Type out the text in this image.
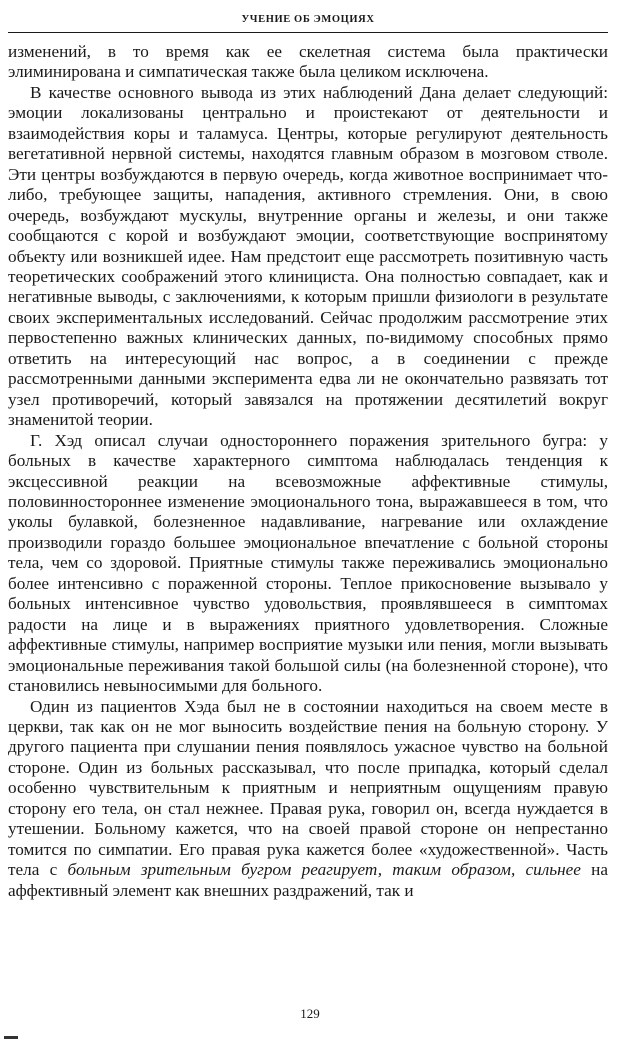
УЧЕНИЕ ОБ ЭМОЦИЯХ

изменений, в то время как ее скелетная система была практически элиминирована и симпатическая также была целиком исключена.

В качестве основного вывода из этих наблюдений Дана делает следующий: эмоции локализованы центрально и проистекают от деятельности и взаимодействия коры и таламуса. Центры, которые регулируют деятельность вегетативной нервной системы, находятся главным образом в мозговом стволе. Эти центры возбуждаются в первую очередь, когда животное воспринимает что-либо, требующее защиты, нападения, активного стремления. Они, в свою очередь, возбуждают мускулы, внутренние органы и железы, и они также сообщаются с корой и возбуждают эмоции, соответствующие воспринятому объекту или возникшей идее. Нам предстоит еще рассмотреть позитивную часть теоретических соображений этого клинициста. Она полностью совпадает, как и негативные выводы, с заключениями, к которым пришли физиологи в результате своих экспериментальных исследований. Сейчас продолжим рассмотрение этих первостепенно важных клинических данных, по-видимому способных прямо ответить на интересующий нас вопрос, а в соединении с прежде рассмотренными данными эксперимента едва ли не окончательно развязать тот узел противоречий, который завязался на протяжении десятилетий вокруг знаменитой теории.

Г. Хэд описал случаи одностороннего поражения зрительного бугра: у больных в качестве характерного симптома наблюдалась тенденция к эксцессивной реакции на всевозможные аффективные стимулы, половинностороннее изменение эмоционального тона, выражавшееся в том, что уколы булавкой, болезненное надавливание, нагревание или охлаждение производили гораздо большее эмоциональное впечатление с больной стороны тела, чем со здоровой. Приятные стимулы также переживались эмоционально более интенсивно с пораженной стороны. Теплое прикосновение вызывало у больных интенсивное чувство удовольствия, проявлявшееся в симптомах радости на лице и в выражениях приятного удовлетворения. Сложные аффективные стимулы, например восприятие музыки или пения, могли вызывать эмоциональные переживания такой большой силы (на болезненной стороне), что становились невыносимыми для больного.

Один из пациентов Хэда был не в состоянии находиться на своем месте в церкви, так как он не мог выносить воздействие пения на больную сторону. У другого пациента при слушании пения появлялось ужасное чувство на больной стороне. Один из больных рассказывал, что после припадка, который сделал особенно чувствительным к приятным и неприятным ощущениям правую сторону его тела, он стал нежнее. Правая рука, говорил он, всегда нуждается в утешении. Больному кажется, что на своей правой стороне он непрестанно томится по симпатии. Его правая рука кажется более «художественной». Часть тела с больным зрительным бугром реагирует, таким образом, сильнее на аффективный элемент как внешних раздражений, так и

129
